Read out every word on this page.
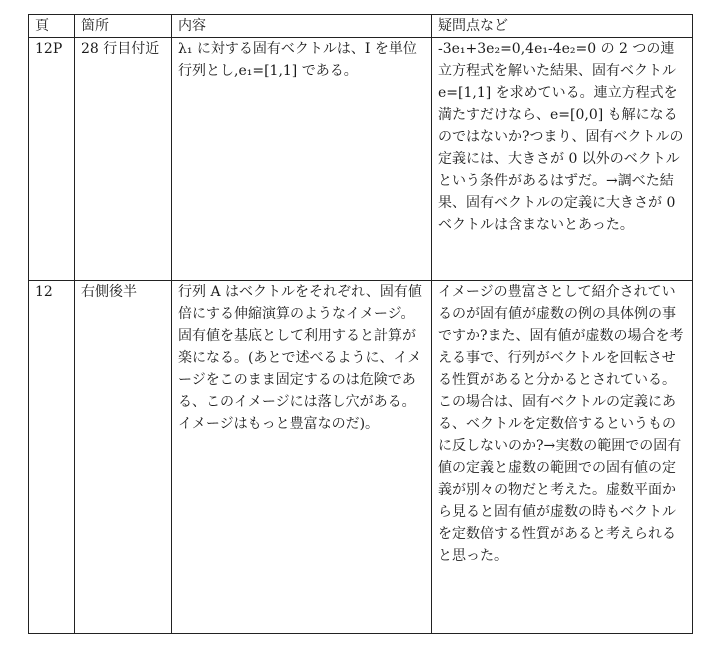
頁	箇所	内容	疑問点など
12P	28 行目付近	λ₁ に対する固有ベクトルは、I を単位行列とし,e₁=[1,1] である。	-3e₁+3e₂=0,4e₁-4e₂=0 の 2 つの連立方程式を解いた結果、固有ベクトル e=[1,1] を求めている。連立方程式を満たすだけなら、e=[0,0] も解になるのではないか?つまり、固有ベクトルの定義には、大きさが 0 以外のベクトルという条件があるはずだ。→調べた結果、固有ベクトルの定義に大きさが 0 ベクトルは含まないとあった。
12	右側後半	行列 A はベクトルをそれぞれ、固有値倍にする伸縮演算のようなイメージ。固有値を基底として利用すると計算が楽になる。(あとで述べるように、イメージをこのまま固定するのは危険である、このイメージには落し穴がある。イメージはもっと豊富なのだ)。	イメージの豊富さとして紹介されているのが固有値が虚数の例の具体例の事ですか?また、固有値が虚数の場合を考える事で、行列がベクトルを回転させる性質があると分かるとされている。この場合は、固有ベクトルの定義にある、ベクトルを定数倍するというものに反しないのか?→実数の範囲での固有値の定義と虚数の範囲での固有値の定義が別々の物だと考えた。虚数平面から見ると固有値が虚数の時もベクトルを定数倍する性質があると考えられると思った。
